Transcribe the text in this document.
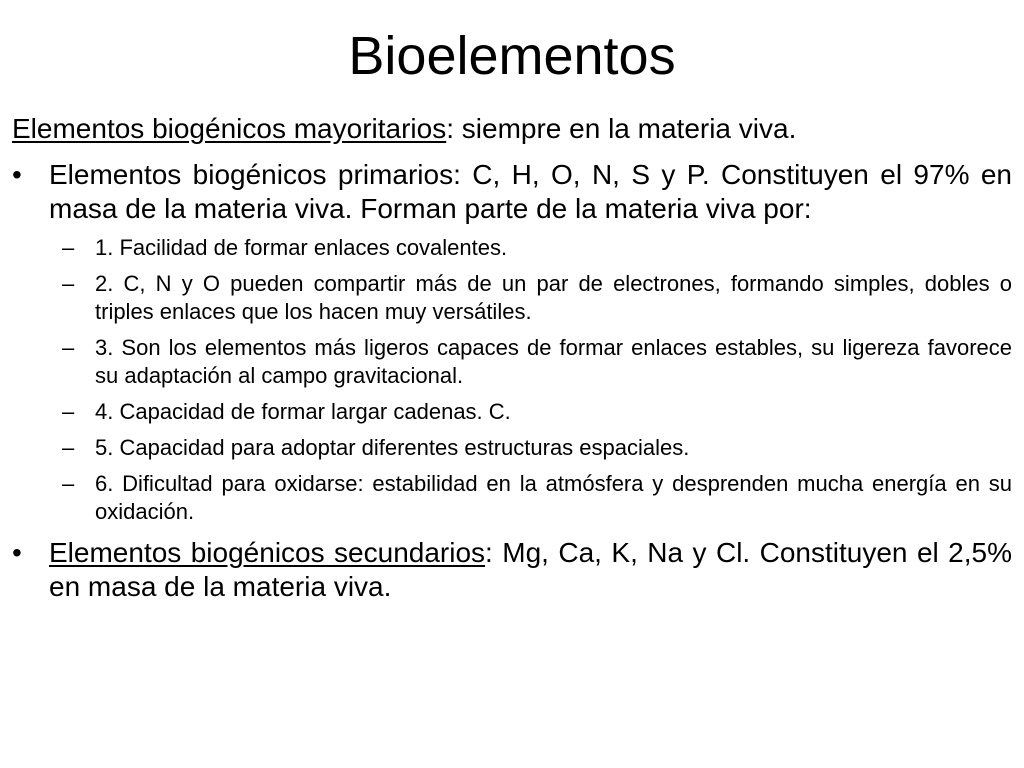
Bioelementos
Elementos biogénicos mayoritarios: siempre en la materia viva.
• Elementos biogénicos primarios: C, H, O, N, S y P. Constituyen el 97% en masa de la materia viva. Forman parte de la materia viva por:
– 1. Facilidad de formar enlaces covalentes.
– 2. C, N y O pueden compartir más de un par de electrones, formando simples, dobles o triples enlaces que los hacen muy versátiles.
– 3. Son los elementos más ligeros capaces de formar enlaces estables, su ligereza favorece su adaptación al campo gravitacional.
– 4. Capacidad de formar largar cadenas. C.
– 5. Capacidad para adoptar diferentes estructuras espaciales.
– 6. Dificultad para oxidarse: estabilidad en la atmósfera y desprenden mucha energía en su oxidación.
• Elementos biogénicos secundarios: Mg, Ca, K, Na y Cl. Constituyen el 2,5% en masa de la materia viva.
